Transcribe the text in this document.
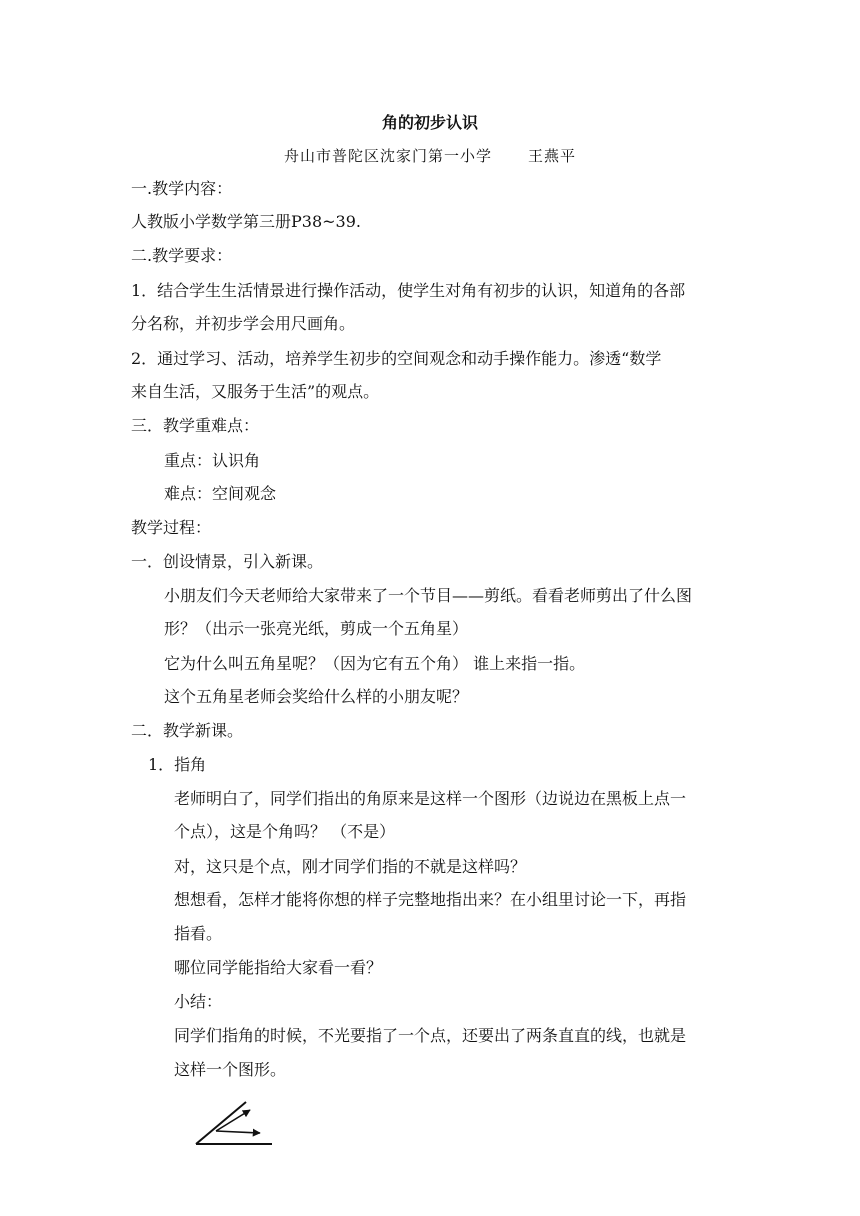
角的初步认识
舟山市普陀区沈家门第一小学 王燕平
一.教学内容：
人教版小学数学第三册P38~39.
二.教学要求：
1．结合学生生活情景进行操作活动，使学生对角有初步的认识，知道角的各部
分名称，并初步学会用尺画角。
2．通过学习、活动，培养学生初步的空间观念和动手操作能力。渗透“数学
来自生活，又服务于生活”的观点。
三．教学重难点：
重点：认识角
难点：空间观念
教学过程：
一．创设情景，引入新课。
小朋友们今天老师给大家带来了一个节目——剪纸。看看老师剪出了什么图
形？（出示一张亮光纸，剪成一个五角星）
它为什么叫五角星呢？（因为它有五个角） 谁上来指一指。
这个五角星老师会奖给什么样的小朋友呢？
二．教学新课。
1．指角
老师明白了，同学们指出的角原来是这样一个图形（边说边在黑板上点一
个点），这是个角吗？ （不是）
对，这只是个点，刚才同学们指的不就是这样吗？
想想看，怎样才能将你想的样子完整地指出来？在小组里讨论一下，再指
指看。
哪位同学能指给大家看一看？
小结：
同学们指角的时候，不光要指了一个点，还要出了两条直直的线，也就是
这样一个图形。
